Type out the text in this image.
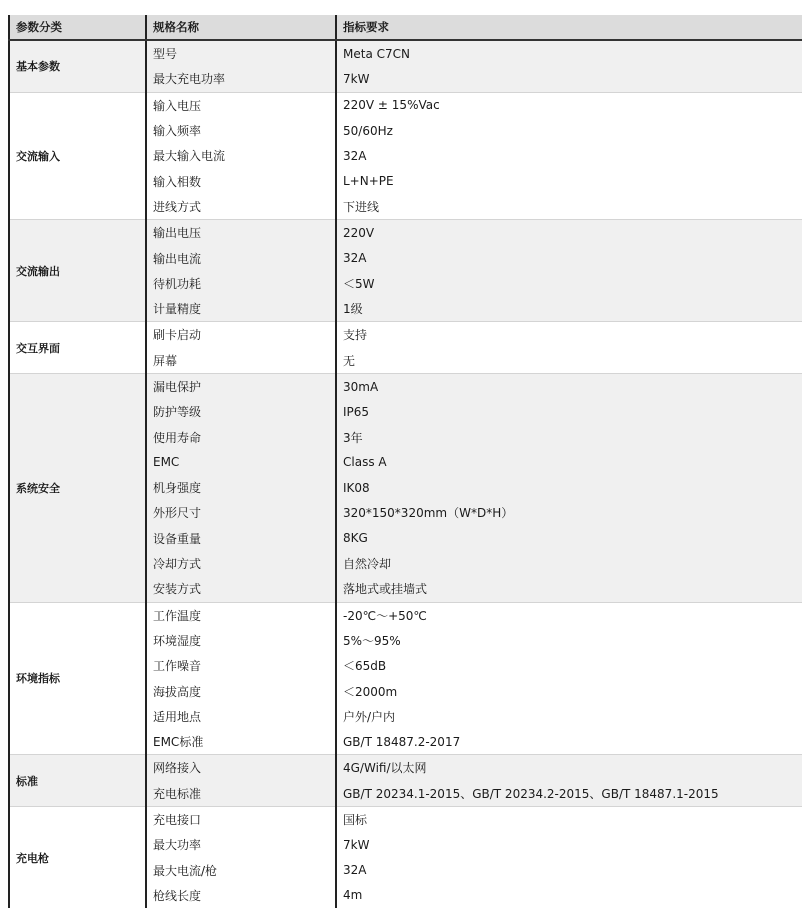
参数分类	规格名称	指标要求
基本参数	型号	Meta C7CN
	最大充电功率	7kW
交流输入	输入电压	220V ± 15%Vac
	输入频率	50/60Hz
	最大输入电流	32A
	输入相数	L+N+PE
	进线方式	下进线
交流输出	输出电压	220V
	输出电流	32A
	待机功耗	＜5W
	计量精度	1级
交互界面	刷卡启动	支持
	屏幕	无
系统安全	漏电保护	30mA
	防护等级	IP65
	使用寿命	3年
	EMC	Class A
	机身强度	IK08
	外形尺寸	320*150*320mm（W*D*H）
	设备重量	8KG
	冷却方式	自然冷却
	安装方式	落地式或挂墙式
环境指标	工作温度	-20℃～+50℃
	环境湿度	5%～95%
	工作噪音	＜65dB
	海拔高度	＜2000m
	适用地点	户外/户内
	EMC标准	GB/T 18487.2-2017
标准	网络接入	4G/Wifi/以太网
	充电标准	GB/T 20234.1-2015、GB/T 20234.2-2015、GB/T 18487.1-2015
充电枪	充电接口	国标
	最大功率	7kW
	最大电流/枪	32A
	枪线长度	4m
